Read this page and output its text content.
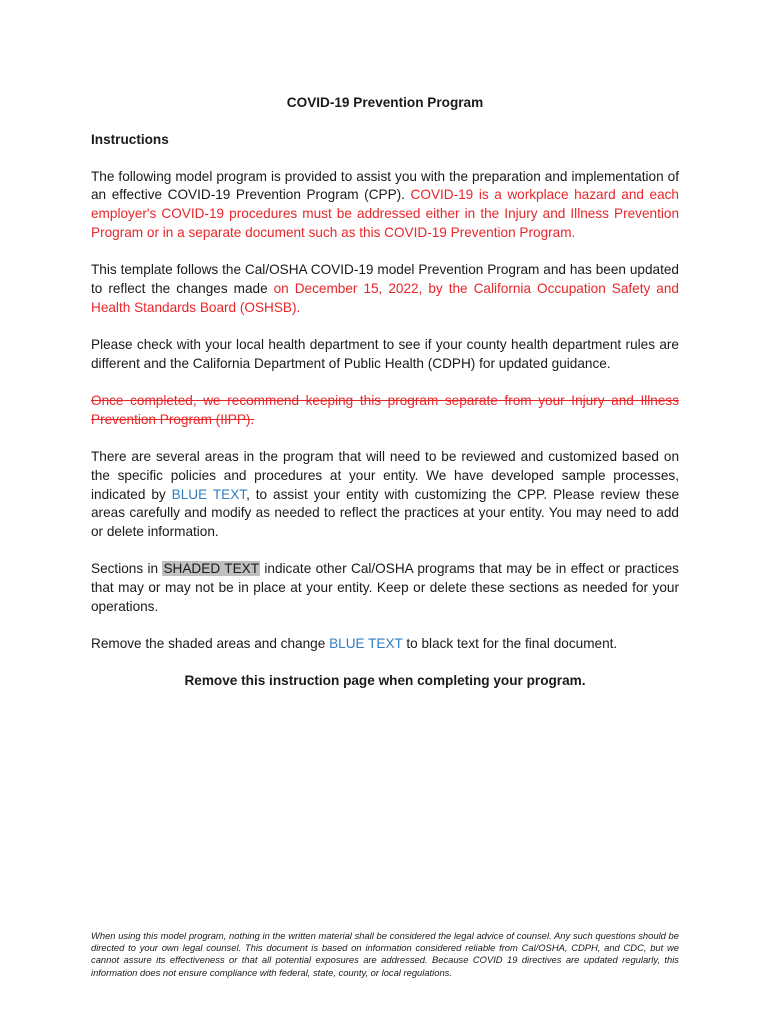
COVID-19 Prevention Program
Instructions

The following model program is provided to assist you with the preparation and implementation of an effective COVID-19 Prevention Program (CPP). COVID-19 is a workplace hazard and each employer's COVID-19 procedures must be addressed either in the Injury and Illness Prevention Program or in a separate document such as this COVID-19 Prevention Program.

This template follows the Cal/OSHA COVID-19 model Prevention Program and has been updated to reflect the changes made on December 15, 2022, by the California Occupation Safety and Health Standards Board (OSHSB).

Please check with your local health department to see if your county health department rules are different and the California Department of Public Health (CDPH) for updated guidance.

Once completed, we recommend keeping this program separate from your Injury and Illness Prevention Program (IIPP).

There are several areas in the program that will need to be reviewed and customized based on the specific policies and procedures at your entity. We have developed sample processes, indicated by BLUE TEXT, to assist your entity with customizing the CPP. Please review these areas carefully and modify as needed to reflect the practices at your entity. You may need to add or delete information.

Sections in SHADED TEXT indicate other Cal/OSHA programs that may be in effect or practices that may or may not be in place at your entity. Keep or delete these sections as needed for your operations.

Remove the shaded areas and change BLUE TEXT to black text for the final document.

Remove this instruction page when completing your program.
When using this model program, nothing in the written material shall be considered the legal advice of counsel. Any such questions should be directed to your own legal counsel. This document is based on information considered reliable from Cal/OSHA, CDPH, and CDC, but we cannot assure its effectiveness or that all potential exposures are addressed. Because COVID 19 directives are updated regularly, this information does not ensure compliance with federal, state, county, or local regulations.
